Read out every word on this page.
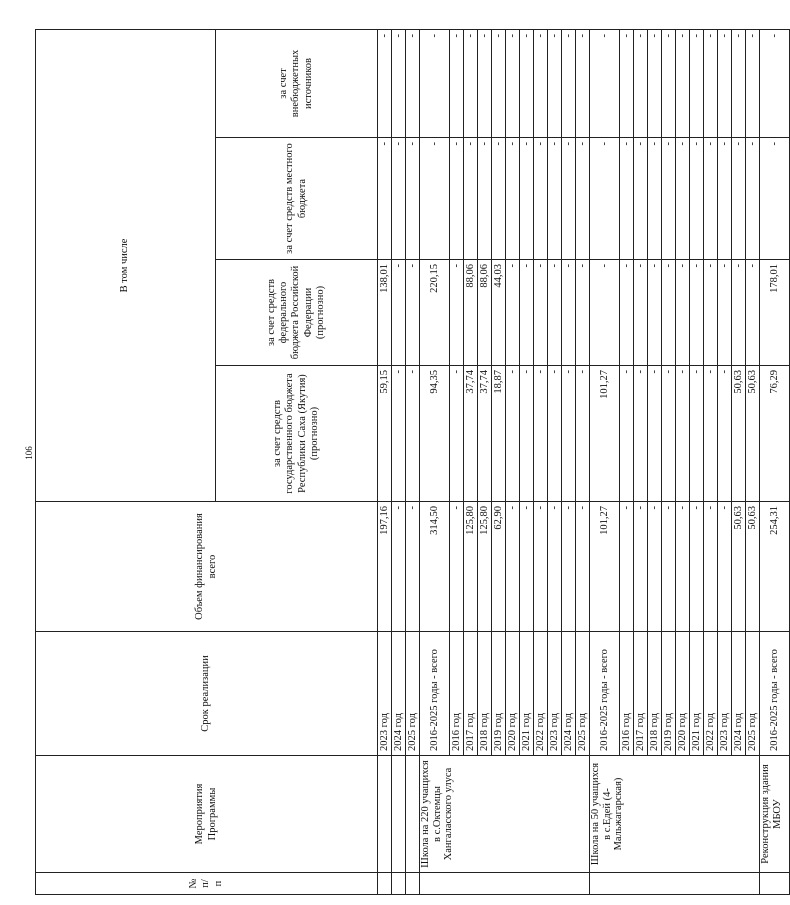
106
№ п/п	Мероприятия Программы	Срок реализации	Объем финансирования всего	В том числе			
				за счет средств государственного бюджета Республики Саха (Якутия) (прогнозно)	за счет средств федерального бюджета Российской Федерации (прогнозно)	за счет средств местного бюджета	за счет внебюджетных источников
		2023 год	197,16	59,15	138,01	-	-
		2024 год	-	-	-	-	-
		2025 год	-	-	-	-	-
	Школа на 220 учащихся в с.Октемцы Хангаласского улуса	2016-2025 годы - всего	314,50	94,35	220,15	-	-
		2016 год	-	-	-	-	-
		2017 год	125,80	37,74	88,06	-	-
		2018 год	125,80	37,74	88,06	-	-
		2019 год	62,90	18,87	44,03	-	-
		2020 год	-	-	-	-	-
		2021 год	-	-	-	-	-
		2022 год	-	-	-	-	-
		2023 год	-	-	-	-	-
		2024 год	-	-	-	-	-
		2025 год	-	-	-	-	-
	Школа на 50 учащихся в с.Едей (4-Мальжагарская)	2016-2025 годы - всего	101,27	101,27	-	-	-
		2016 год	-	-	-	-	-
		2017 год	-	-	-	-	-
		2018 год	-	-	-	-	-
		2019 год	-	-	-	-	-
		2020 год	-	-	-	-	-
		2021 год	-	-	-	-	-
		2022 год	-	-	-	-	-
		2023 год	-	-	-	-	-
		2024 год	50,63	50,63	-	-	-
		2025 год	50,63	50,63	-	-	-
	Реконструкция здания МБОУ	2016-2025 годы - всего	254,31	76,29	178,01	-	-
